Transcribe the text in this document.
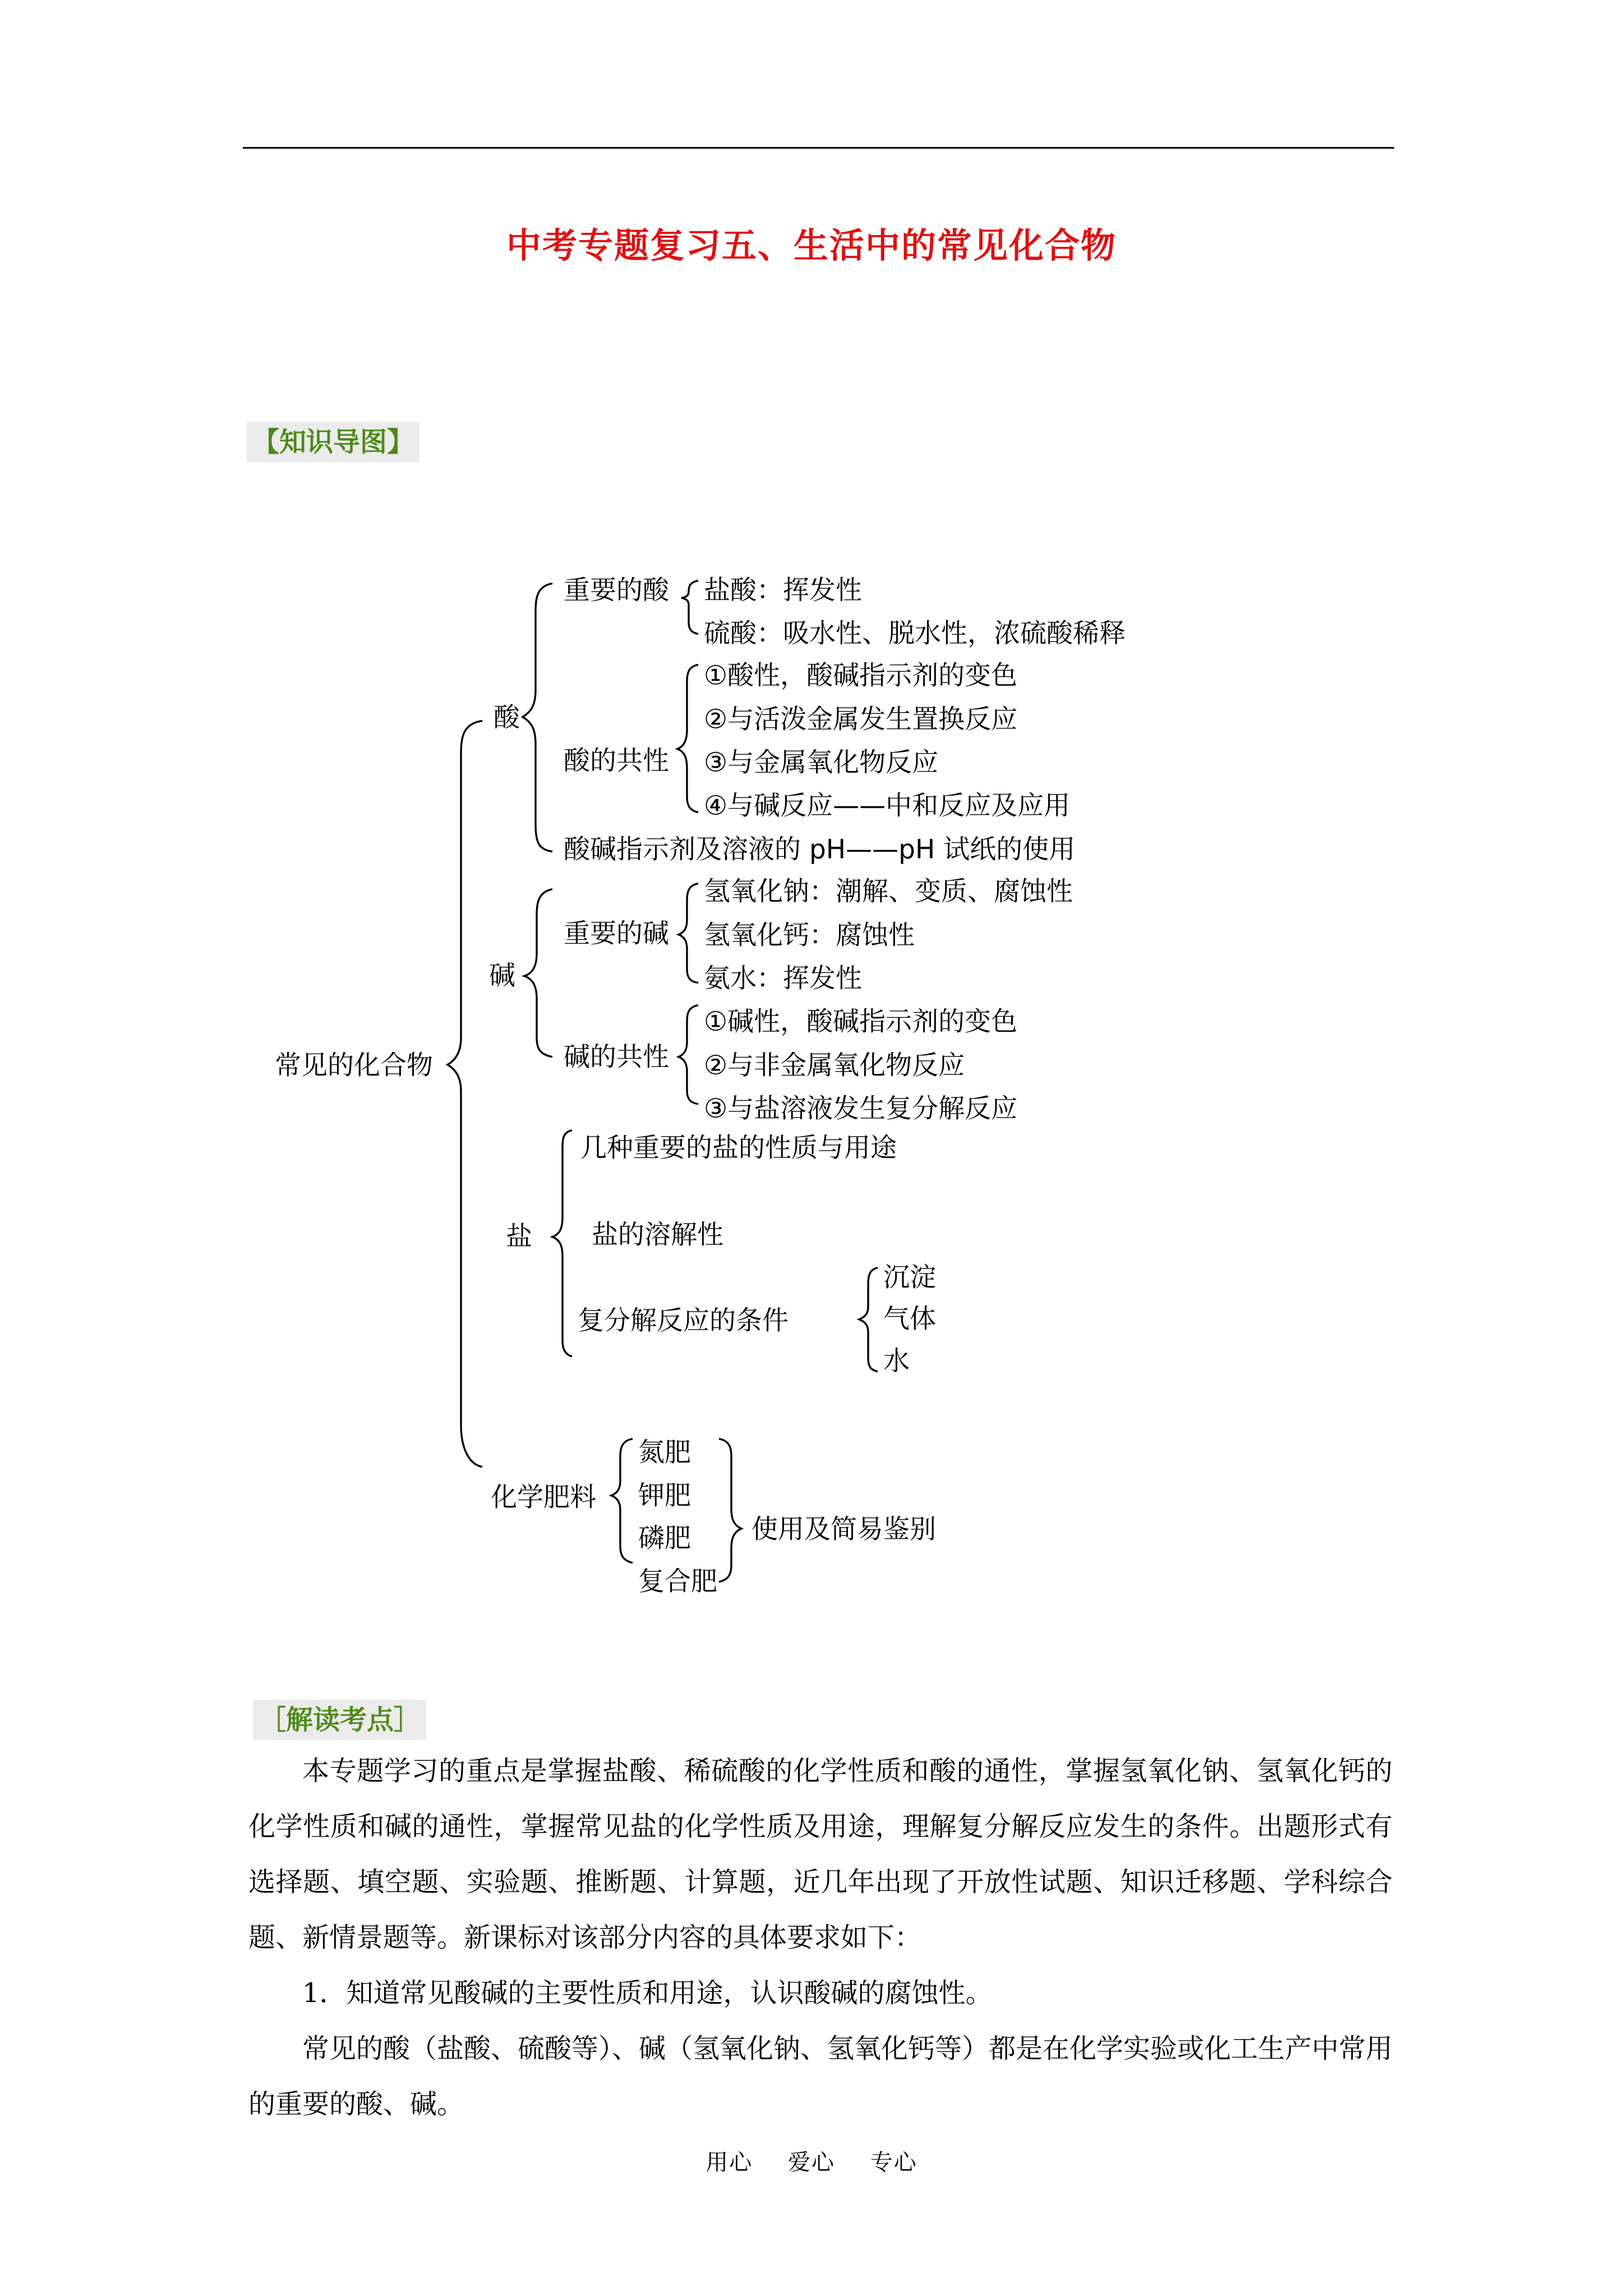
中考专题复习五、生活中的常见化合物
【知识导图】
常见的化合物
酸
重要的酸 盐酸：挥发性
硫酸：吸水性、脱水性，浓硫酸稀释
酸的共性
①酸性，酸碱指示剂的变色
②与活泼金属发生置换反应
③与金属氧化物反应
④与碱反应——中和反应及应用
酸碱指示剂及溶液的 pH——pH 试纸的使用
碱
重要的碱
氢氧化钠：潮解、变质、腐蚀性
氢氧化钙：腐蚀性
氨水：挥发性
碱的共性
①碱性，酸碱指示剂的变色
②与非金属氧化物反应
③与盐溶液发生复分解反应
盐
几种重要的盐的性质与用途
盐的溶解性
复分解反应的条件
沉淀
气体
水
化学肥料
氮肥
钾肥
磷肥
复合肥
使用及简易鉴别
［解读考点］

本专题学习的重点是掌握盐酸、稀硫酸的化学性质和酸的通性，掌握氢氧化钠、氢氧化钙的化学性质和碱的通性，掌握常见盐的化学性质及用途，理解复分解反应发生的条件。出题形式有选择题、填空题、实验题、推断题、计算题，近几年出现了开放性试题、知识迁移题、学科综合题、新情景题等。新课标对该部分内容的具体要求如下：

1．知道常见酸碱的主要性质和用途，认识酸碱的腐蚀性。

常见的酸（盐酸、硫酸等）、碱（氢氧化钠、氢氧化钙等）都是在化学实验或化工生产中常用的重要的酸、碱。

用心 爱心 专心
